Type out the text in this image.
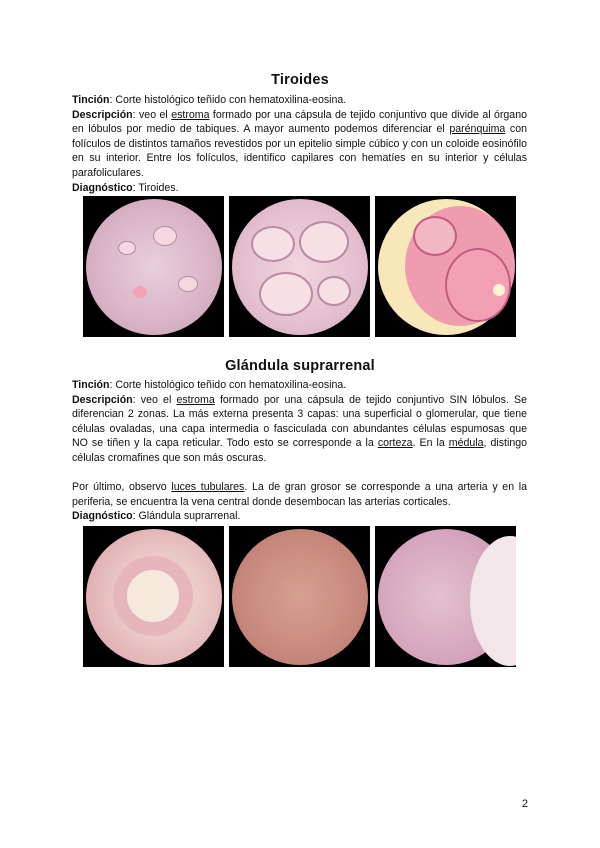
Tiroides
Tinción: Corte histológico teñido con hematoxilina-eosina.
Descripción: veo el estroma formado por una cápsula de tejido conjuntivo que divide al órgano en lóbulos por medio de tabiques. A mayor aumento podemos diferenciar el parénquima con folículos de distintos tamaños revestidos por un epitelio simple cúbico y con un coloide eosinófilo en su interior. Entre los folículos, identifico capilares con hematíes en su interior y células parafoliculares.
Diagnóstico: Tiroides.
Glándula suprarrenal
Tinción: Corte histológico teñido con hematoxilina-eosina.
Descripción: veo el estroma formado por una cápsula de tejido conjuntivo SIN lóbulos. Se diferencian 2 zonas. La más externa presenta 3 capas: una superficial o glomerular, que tiene células ovaladas, una capa intermedia o fasciculada con abundantes células espumosas que NO se tiñen y la capa reticular. Todo esto se corresponde a la corteza. En la médula, distingo células cromafines que son más oscuras.
Por último, observo luces tubulares. La de gran grosor se corresponde a una arteria y en la periferia, se encuentra la vena central donde desembocan las arterias corticales.
Diagnóstico: Glándula suprarrenal.
2
